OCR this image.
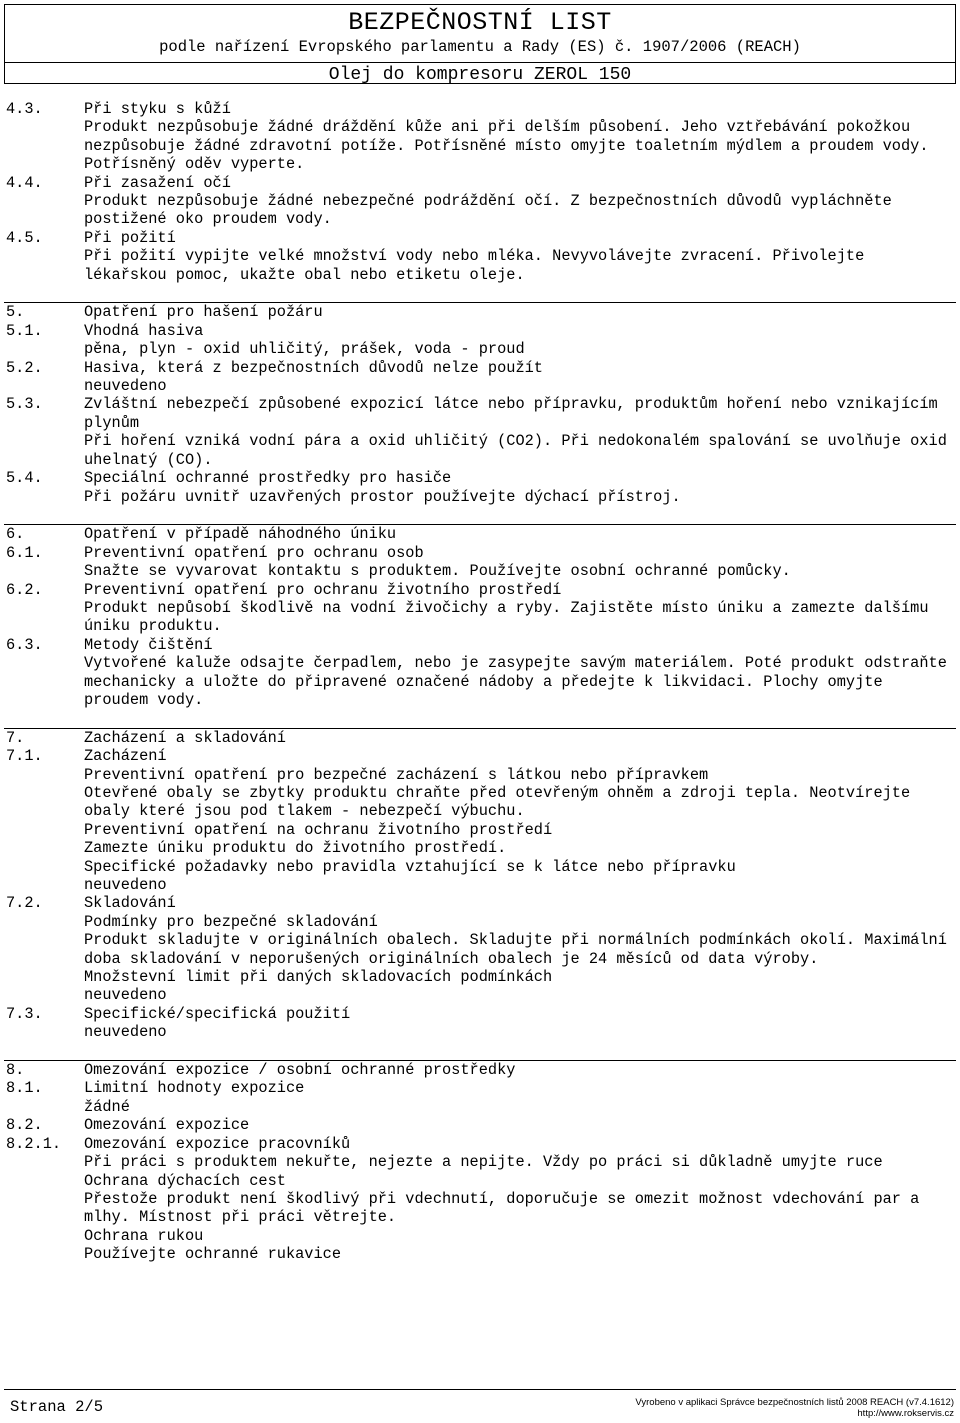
BEZPEČNOSTNÍ LIST
podle nařízení Evropského parlamentu a Rady (ES) č. 1907/2006 (REACH)
Olej do kompresoru ZEROL 150
4.3.	Při styku s kůží
Produkt nezpůsobuje žádné dráždění kůže ani při delším působení. Jeho vztřebávání pokožkou nezpůsobuje žádné zdravotní potíže. Potřísněné místo omyjte toaletním mýdlem a proudem vody. Potřísněný oděv vyperte.
4.4.	Při zasažení očí
Produkt nezpůsobuje žádné nebezpečné podráždění očí. Z bezpečnostních důvodů vypláchněte postižené oko proudem vody.
4.5.	Při požití
Při požití vypijte velké množství vody nebo mléka. Nevyvolávejte zvracení. Přivolejte lékařskou pomoc, ukažte obal nebo etiketu oleje.
5.	Opatření pro hašení požáru
5.1.	Vhodná hasiva
pěna, plyn - oxid uhličitý, prášek, voda - proud
5.2.	Hasiva, která z bezpečnostních důvodů nelze použít
neuvedeno
5.3.	Zvláštní nebezpečí způsobené expozicí látce nebo přípravku, produktům hoření nebo vznikajícím plynům
Při hoření vzniká vodní pára a oxid uhličitý (CO2). Při nedokonalém spalování se uvolňuje oxid uhelnatý (CO).
5.4.	Speciální ochranné prostředky pro hasiče
Při požáru uvnitř uzavřených prostor používejte dýchací přístroj.
6.	Opatření v případě náhodného úniku
6.1.	Preventivní opatření pro ochranu osob
Snažte se vyvarovat kontaktu s produktem. Používejte osobní ochranné pomůcky.
6.2.	Preventivní opatření pro ochranu životního prostředí
Produkt nepůsobí škodlivě na vodní živočichy a ryby. Zajistěte místo úniku a zamezte dalšímu úniku produktu.
6.3.	Metody čištění
Vytvořené kaluže odsajte čerpadlem, nebo je zasypejte savým materiálem. Poté produkt odstraňte mechanicky a uložte do připravené označené nádoby a předejte k likvidaci. Plochy omyjte proudem vody.
7.	Zacházení a skladování
7.1.	Zacházení
Preventivní opatření pro bezpečné zacházení s látkou nebo přípravkem
Otevřené obaly se zbytky produktu chraňte před otevřeným ohněm a zdroji tepla. Neotvírejte obaly které jsou pod tlakem - nebezpečí výbuchu.
Preventivní opatření na ochranu životního prostředí
Zamezte úniku produktu do životního prostředí.
Specifické požadavky nebo pravidla vztahující se k látce nebo přípravku
neuvedeno
7.2.	Skladování
Podmínky pro bezpečné skladování
Produkt skladujte v originálních obalech. Skladujte při normálních podmínkách okolí. Maximální doba skladování v neporušených originálních obalech je 24 měsíců od data výroby.
Množstevní limit při daných skladovacích podmínkách
neuvedeno
7.3.	Specifické/specifická použití
neuvedeno
8.	Omezování expozice / osobní ochranné prostředky
8.1.	Limitní hodnoty expozice
žádné
8.2.	Omezování expozice
8.2.1. Omezování expozice pracovníků
Při práci s produktem nekuřte, nejezte a nepijte. Vždy po práci si důkladně umyjte ruce
Ochrana dýchacích cest
Přestože produkt není škodlivý při vdechnutí, doporučuje se omezit možnost vdechování par a mlhy. Místnost při práci větrejte.
Ochrana rukou
Používejte ochranné rukavice
Strana 2/5	Vyrobeno v aplikaci Správce bezpečnostních listů 2008 REACH (v7.4.1612)
http://www.rokservis.cz
